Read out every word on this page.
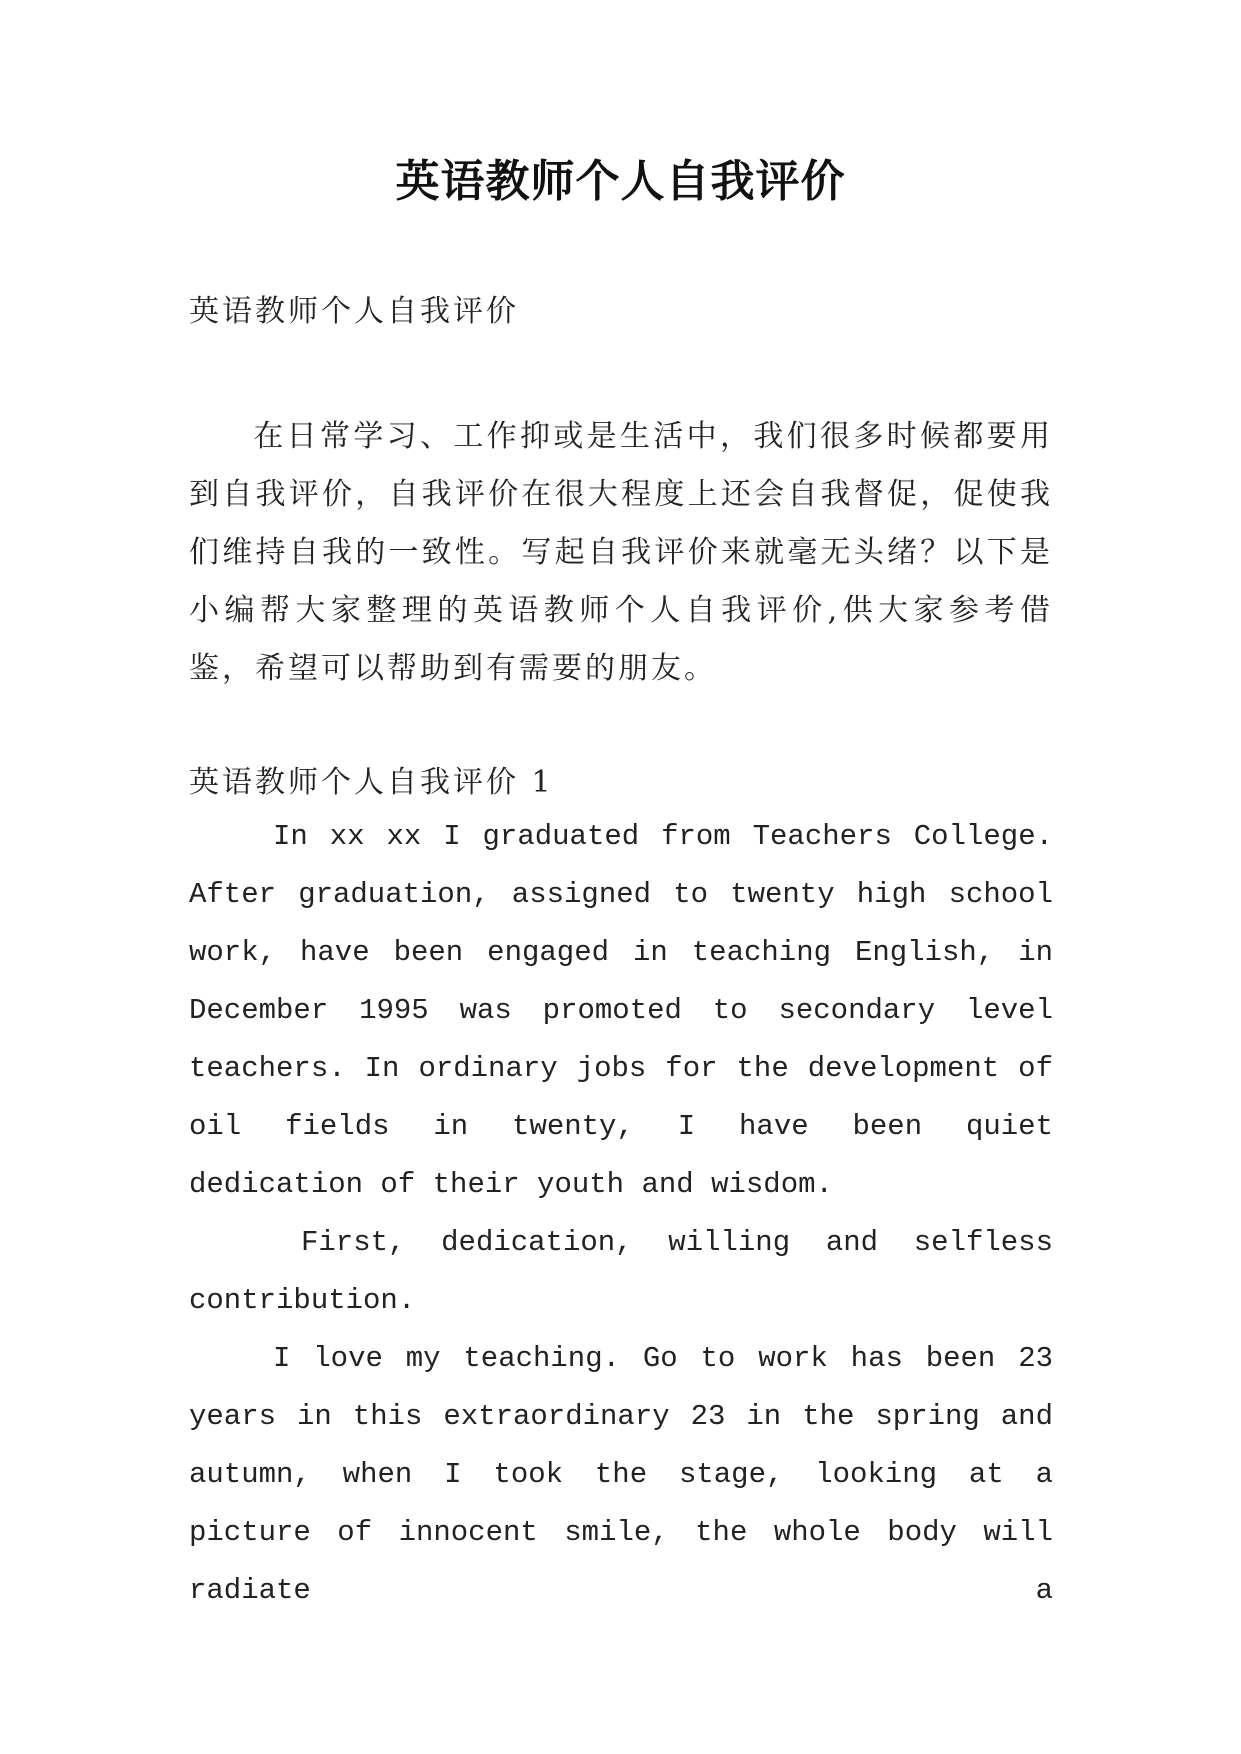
英语教师个人自我评价
英语教师个人自我评价
在日常学习、工作抑或是生活中，我们很多时候都要用到自我评价，自我评价在很大程度上还会自我督促，促使我们维持自我的一致性。写起自我评价来就毫无头绪？以下是小编帮大家整理的英语教师个人自我评价,供大家参考借鉴，希望可以帮助到有需要的朋友。
英语教师个人自我评价 1

In xx xx I graduated from Teachers College. After graduation, assigned to twenty high school work, have been engaged in teaching English, in December 1995 was promoted to secondary level teachers. In ordinary jobs for the development of oil fields in twenty, I have been quiet dedication of their youth and wisdom.

First, dedication, willing and selfless contribution.

I love my teaching. Go to work has been 23 years in this extraordinary 23 in the spring and autumn, when I took the stage, looking at a picture of innocent smile, the whole body will radiate a
